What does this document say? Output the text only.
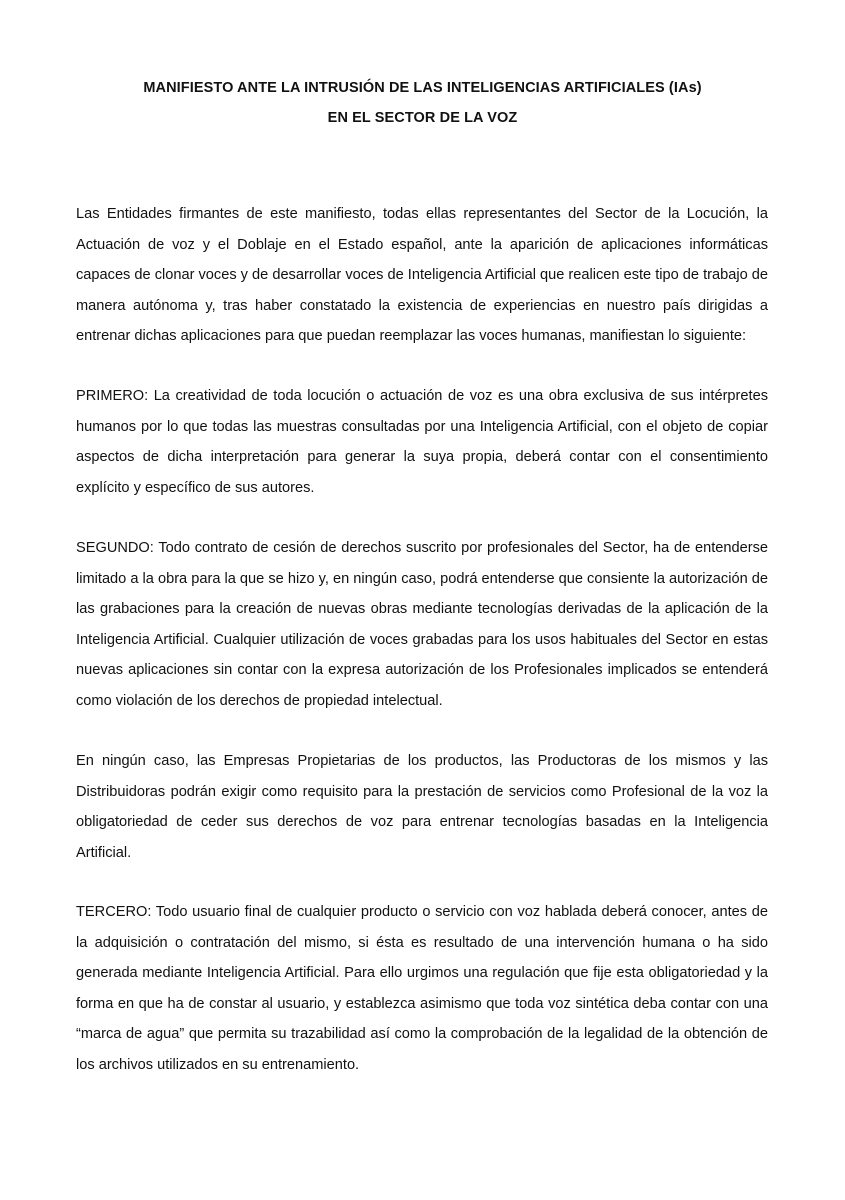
MANIFIESTO ANTE LA INTRUSIÓN DE LAS INTELIGENCIAS ARTIFICIALES (IAs)
EN EL SECTOR DE LA VOZ

Las Entidades firmantes de este manifiesto, todas ellas representantes del Sector de la Locución, la Actuación de voz y el Doblaje en el Estado español, ante la aparición de aplicaciones informáticas capaces de clonar voces y de desarrollar voces de Inteligencia Artificial que realicen este tipo de trabajo de manera autónoma y, tras haber constatado la existencia de experiencias en nuestro país dirigidas a entrenar dichas aplicaciones para que puedan reemplazar las voces humanas, manifiestan lo siguiente:

PRIMERO: La creatividad de toda locución o actuación de voz es una obra exclusiva de sus intérpretes humanos por lo que todas las muestras consultadas por una Inteligencia Artificial, con el objeto de copiar aspectos de dicha interpretación para generar la suya propia, deberá contar con el consentimiento explícito y específico de sus autores.

SEGUNDO: Todo contrato de cesión de derechos suscrito por profesionales del Sector, ha de entenderse limitado a la obra para la que se hizo y, en ningún caso, podrá entenderse que consiente la autorización de las grabaciones para la creación de nuevas obras mediante tecnologías derivadas de la aplicación de la Inteligencia Artificial. Cualquier utilización de voces grabadas para los usos habituales del Sector en estas nuevas aplicaciones sin contar con la expresa autorización de los Profesionales implicados se entenderá como violación de los derechos de propiedad intelectual.

En ningún caso, las Empresas Propietarias de los productos, las Productoras de los mismos y las Distribuidoras podrán exigir como requisito para la prestación de servicios como Profesional de la voz la obligatoriedad de ceder sus derechos de voz para entrenar tecnologías basadas en la Inteligencia Artificial.

TERCERO: Todo usuario final de cualquier producto o servicio con voz hablada deberá conocer, antes de la adquisición o contratación del mismo, si ésta es resultado de una intervención humana o ha sido generada mediante Inteligencia Artificial. Para ello urgimos una regulación que fije esta obligatoriedad y la forma en que ha de constar al usuario, y establezca asimismo que toda voz sintética deba contar con una “marca de agua” que permita su trazabilidad así como la comprobación de la legalidad de la obtención de los archivos utilizados en su entrenamiento.
